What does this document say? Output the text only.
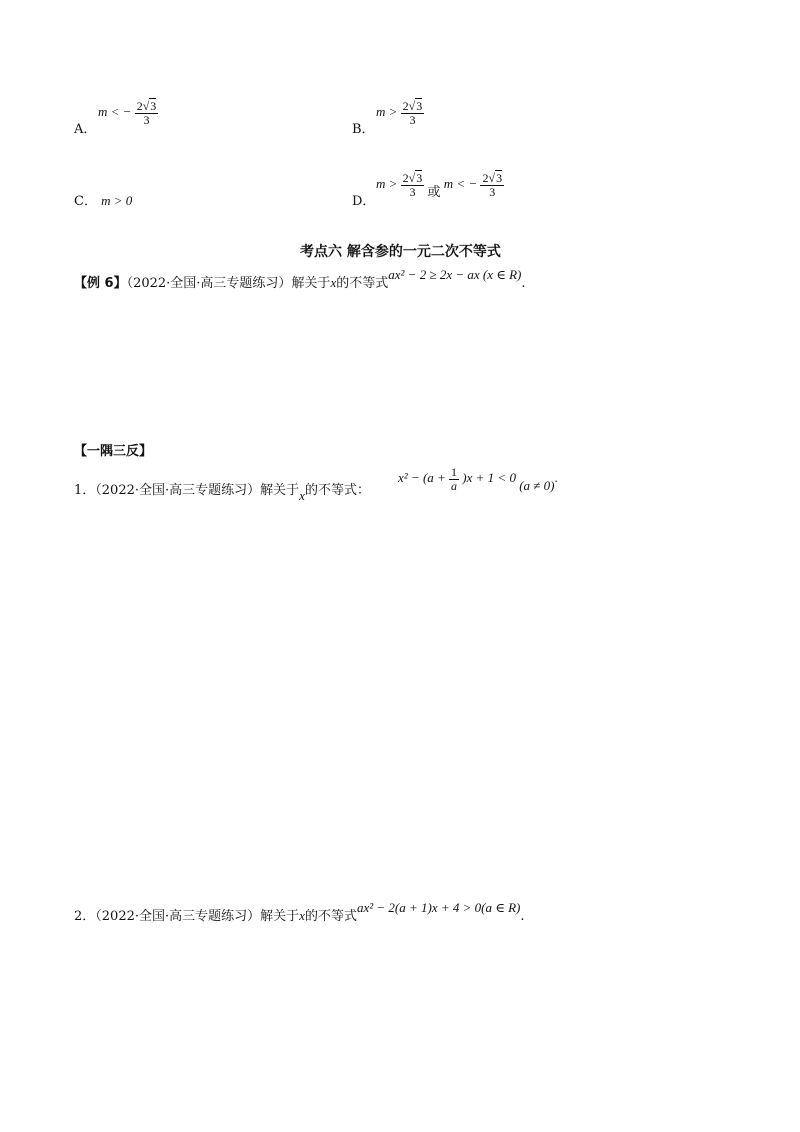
A．
m < − $\frac{2√3}{3}$
B．
$m > \frac{2√3}{3}$
C． m > 0	D．
$m > \frac{2√3}{3}$ 或 m < − $\frac{2√3}{3}$
考点六 解含参的一元二次不等式
【例 6】（2022·全国·高三专题练习）解关于x的不等式ax² − 2 ≥ 2x − ax (x ∈ R).
【一隅三反】
1．（2022·全国·高三专题练习）解关于x的不等式：
$x^2 - (a + \frac{1}{a} )x + 1 < 0$ (a ≠ 0).
2．（2022·全国·高三专题练习）解关于x的不等式ax² − 2(a + 1)x + 4 > 0(a ∈ R).
